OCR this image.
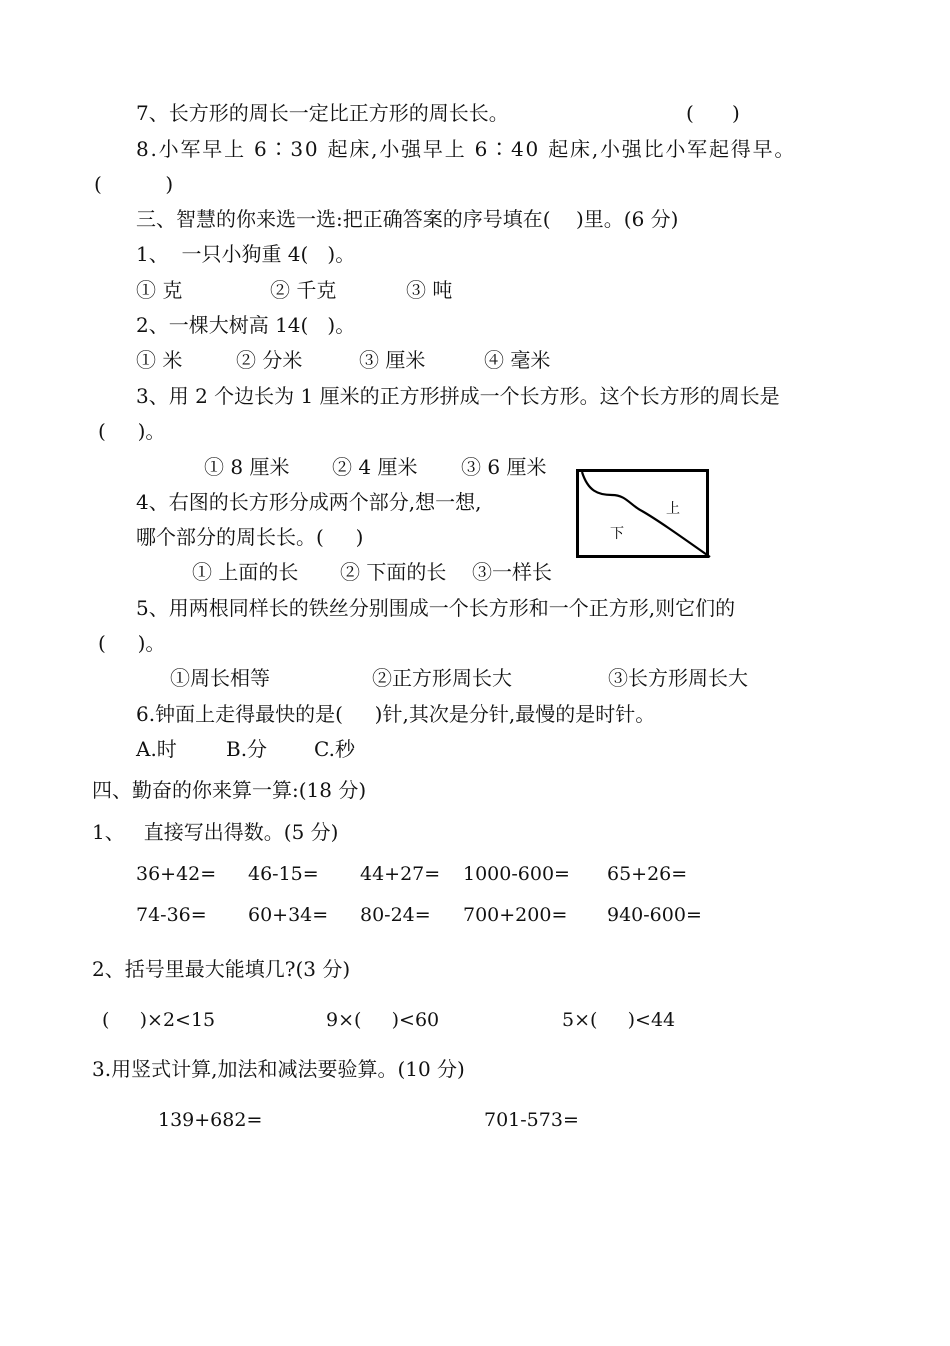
7、长方形的周长一定比正方形的周长长。	(      )
8.小军早上 6∶30 起床,小强早上 6∶40 起床,小强比小军起得早。
(          )
三、智慧的你来选一选:把正确答案的序号填在(    )里。(6 分)
1、  一只小狗重 4(   )。
① 克	② 千克	③ 吨
2、一棵大树高 14(   )。
① 米	② 分米	③ 厘米	④ 毫米
3、用 2 个边长为 1 厘米的正方形拼成一个长方形。这个长方形的周长是
(     )。
① 8 厘米 ② 4 厘米 ③ 6 厘米
4、右图的长方形分成两个部分,想一想,
哪个部分的周长长。(     )
上
下
① 上面的长 ② 下面的长 ③一样长
5、用两根同样长的铁丝分别围成一个长方形和一个正方形,则它们的
(     )。
①周长相等	②正方形周长大	③长方形周长大
6.钟面上走得最快的是(     )针,其次是分针,最慢的是时针。
A.时 B.分 C.秒
四、勤奋的你来算一算:(18 分)
1、   直接写出得数。(5 分)
36+42= 46-15= 44+27= 1000-600= 65+26=
74-36= 60+34= 80-24= 700+200= 940-600=
2、括号里最大能填几?(3 分)
(     )×2<15	9×(     )<60	5×(     )<44
3.用竖式计算,加法和减法要验算。(10 分)
139+682=	701-573=
